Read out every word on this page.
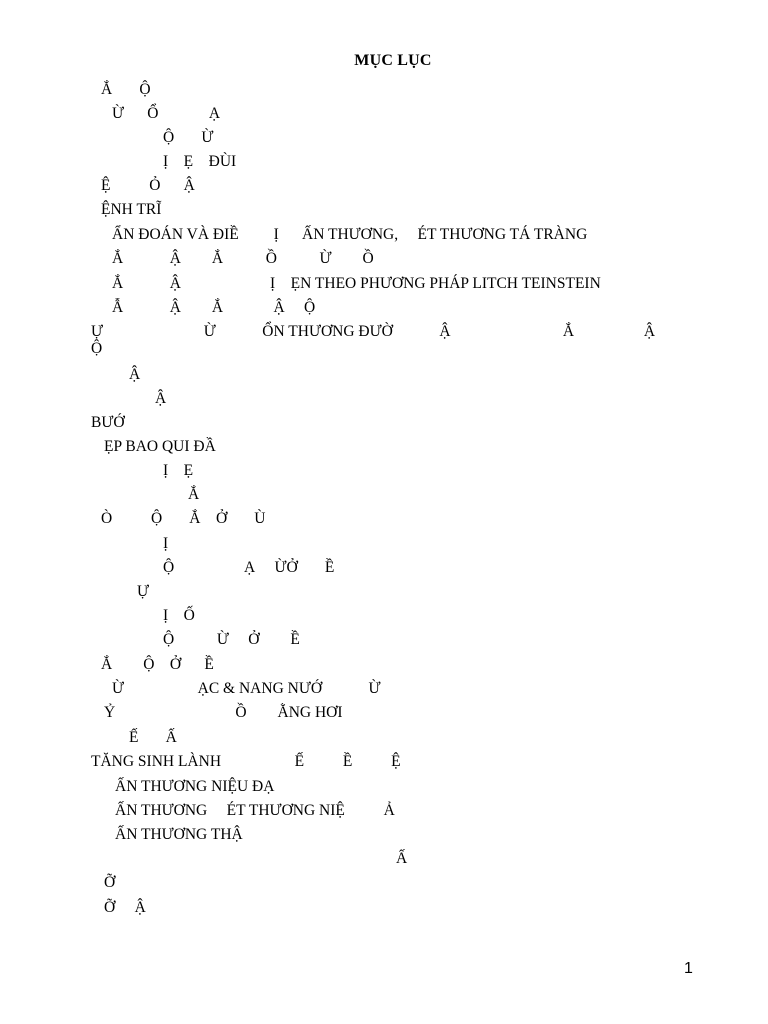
MỤC LỤC
Ắ       Ộ
Ừ      Ổ             Ạ
Ộ       Ừ
Ị    Ẹ    ĐÙI
Ệ          Ỏ      Ậ
ỆNH TRĨ
ẨN ĐOÁN VÀ ĐIỀ         Ị      ẤN THƯƠNG,     ÉT THƯƠNG TÁ TRÀNG
Ắ            Ậ        Ắ           Ồ           Ừ        Ồ
Ắ            Ậ                       Ị    ẸN THEO PHƯƠNG PHÁP LITCH TEINSTEIN
Ẫ            Ậ        Ắ             Ậ     Ộ
Ự                          Ừ            ỔN THƯƠNG ĐƯỜ            Ậ                             Ắ                  Ậ
Ộ
Ậ
Ậ
BƯỚ
ẸP BAO QUI ĐẦ
Ị    Ẹ
Ắ
Ò          Ộ       Ắ    Ở       Ù
Ị
Ộ                  Ạ     ỪỞ       Ề
Ự
Ị    Ố
Ộ           Ừ     Ở        Ề
Ắ        Ộ    Ở      Ề
Ừ                   ẠC & NANG NƯỚ            Ừ
Ỷ                               Ồ        ẰNG HƠI
Ế       Ấ
TĂNG SINH LÀNH                   Ế          Ề          Ệ
ẤN THƯƠNG NIỆU ĐẠ
ẤN THƯƠNG     ÉT THƯƠNG NIỆ          Ả
ẤN THƯƠNG THẬ
Ấ
Ỡ
Ỡ     Ậ
1
